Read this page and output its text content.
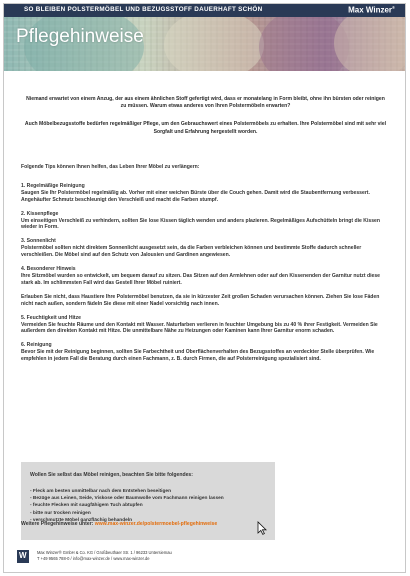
SO BLEIBEN POLSTERMÖBEL UND BEZUGSSTOFF DAUERHAFT SCHÖN	Max Winzer®
Pflegehinweise

Niemand erwartet von einem Anzug, der aus einem ähnlichen Stoff gefertigt wird, dass er monatelang in Form bleibt, ohne ihn bürsten oder reinigen zu müssen. Warum etwas anderes von Ihren Polstermöbeln erwarten?

Auch Möbelbezugsstoffe bedürfen regelmäßiger Pflege, um den Gebrauchswert eines Polstermöbels zu erhalten. Ihre Polstermöbel sind mit sehr viel Sorgfalt und Erfahrung hergestellt worden.

Folgende Tips können Ihnen helfen, das Leben Ihrer Möbel zu verlängern:

1. Regelmäßige Reinigung
Saugen Sie Ihr Polstermöbel regelmäßig ab. Vorher mit einer weichen Bürste über die Couch gehen. Damit wird die Staubentfernung verbessert. Angehäufter Schmutz beschleunigt den Verschleiß und macht die Farben stumpf.

2. Kissenpflege
Um einseitigen Verschleiß zu verhindern, sollten Sie lose Kissen täglich wenden und anders plazieren. Regelmäßiges Aufschütteln bringt die Kissen wieder in Form.

3. Sonnenlicht
Polstermöbel sollten nicht direktem Sonnenlicht ausgesetzt sein, da die Farben verbleichen können und bestimmte Stoffe dadurch schneller verschleißen. Die Möbel sind auf den Schutz von Jalousien und Gardinen angewiesen.

4. Besonderer Hinweis
Ihre Sitzmöbel wurden so entwickelt, um bequem darauf zu sitzen. Das Sitzen auf den Armlehnen oder auf den Kissenenden der Garnitur nutzt diese stark ab. Im schlimmsten Fall wird das Gestell Ihrer Möbel ruiniert.

Erlauben Sie nicht, dass Haustiere Ihre Polstermöbel benutzen, da sie in kürzester Zeit großen Schaden verursachen können. Ziehen Sie lose Fäden nicht nach außen, sondern fädeln Sie diese mit einer Nadel vorsichtig nach innen.

5. Feuchtigkeit und Hitze
Vermeiden Sie feuchte Räume und den Kontakt mit Wasser. Naturfarben verlieren in feuchter Umgebung bis zu 40 % ihrer Festigkeit. Vermeiden Sie außerdem den direkten Kontakt mit Hitze. Die unmittelbare Nähe zu Heizungen oder Kaminen kann Ihrer Garnitur enorm schaden.

6. Reinigung
Bevor Sie mit der Reinigung beginnen, sollten Sie Farbechtheit und Oberflächenverhalten des Bezugsstoffes an verdeckter Stelle überprüfen. Wie empfehlen in jedem Fall die Beratung durch einen Fachmann, z. B. durch Firmen, die auf Polsterreinigung spezialisiert sind.

Wollen Sie selbst das Möbel reinigen, beachten Sie bitte folgendes:
- Fleck am besten unmittelbar nach dem Entstehen beseitigen
- Bezüge aus Leinen, Seide, Viskose oder Baumwolle vom Fachmann reinigen lassen
- feuchte Flecken mit saugfähigem Tuch abtupfen
- bitte nur trocken reinigen
- verschmutzte Möbel ganzflächig behandeln
Weitere Pflegehinweise unter: www.max-winzer.de/polstermoebel-pflegehinweise
W	Max Winzer® GmbH & Co. KG / Großbeuthaer Str. 1 / 96233 Untersiemau
T +49 9565 788-0 / info@max-winzer.de / www.max-winzer.de
